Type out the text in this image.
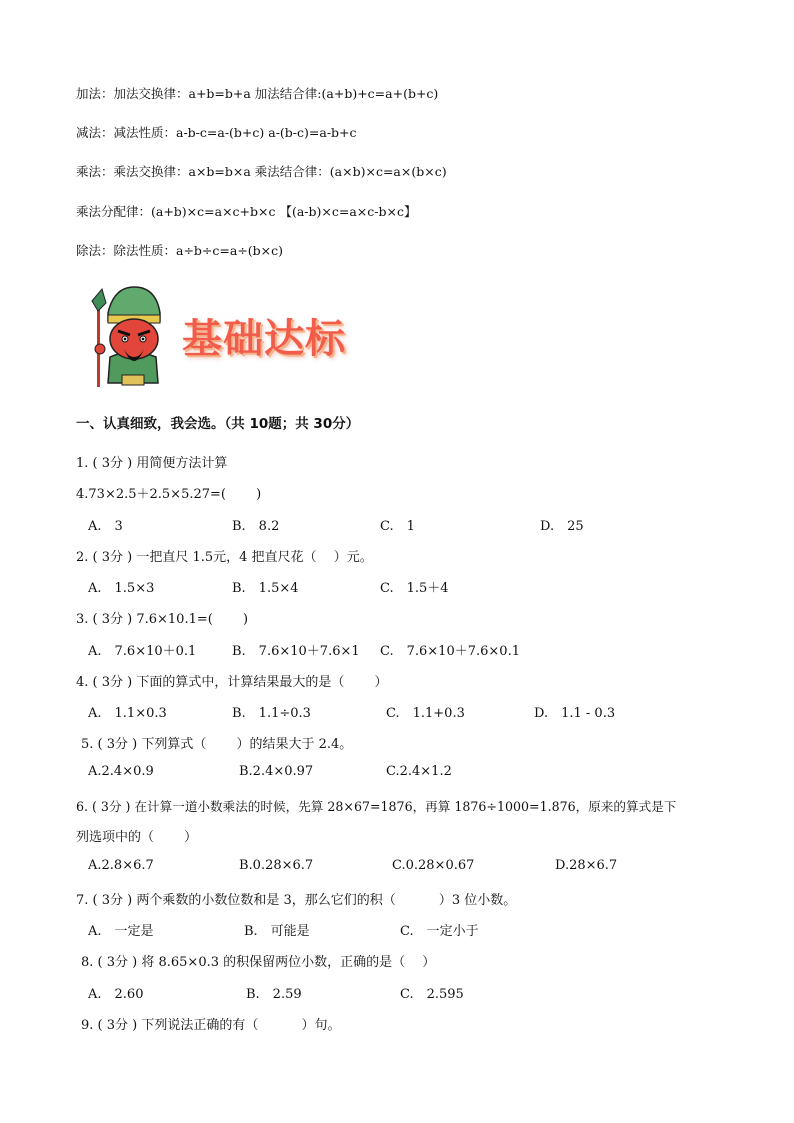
加法：加法交换律：a+b=b+a 加法结合律:(a+b)+c=a+(b+c)
减法：减法性质：a-b-c=a-(b+c) a-(b-c)=a-b+c
乘法：乘法交换律：a×b=b×a 乘法结合律：(a×b)×c=a×(b×c)
乘法分配律：(a+b)×c=a×c+b×c 【(a-b)×c=a×c-b×c】
除法：除法性质：a÷b÷c=a÷(b×c)
基础达标
一、认真细致，我会选。（共 10题；共 30分）
1. ( 3分 ) 用简便方法计算
4.73×2.5＋2.5×5.27=(　　 )
A.　3	B.　8.2	C.　1	D.　25
2. ( 3分 ) 一把直尺 1.5元，4 把直尺花（　 ）元。
A.　1.5×3	B.　1.5×4	C.　1.5＋4
3. ( 3分 ) 7.6×10.1=(　　 )
A.　7.6×10＋0.1	B.　7.6×10＋7.6×1 C.　7.6×10＋7.6×0.1
4. ( 3分 ) 下面的算式中，计算结果最大的是（　　 ）
A.　1.1×0.3	B.　1.1÷0.3	C.　1.1+0.3	D.　1.1 - 0.3
5. ( 3分 ) 下列算式（　　 ）的结果大于 2.4。
A.2.4×0.9	B.2.4×0.97	C.2.4×1.2
6. ( 3分 ) 在计算一道小数乘法的时候，先算 28×67=1876，再算 1876÷1000=1.876，原来的算式是下
列选项中的（　　 ）
A.2.8×6.7	B.0.28×6.7	C.0.28×0.67	D.28×6.7
7. ( 3分 ) 两个乘数的小数位数和是 3，那么它们的积（　　　 ）3 位小数。
A.　一定是	B.　可能是	C.　一定小于
8. ( 3分 ) 将 8.65×0.3 的积保留两位小数，正确的是（　 ）
A.　2.60	B.　2.59	C.　2.595
9. ( 3分 ) 下列说法正确的有（　　　 ）句。
